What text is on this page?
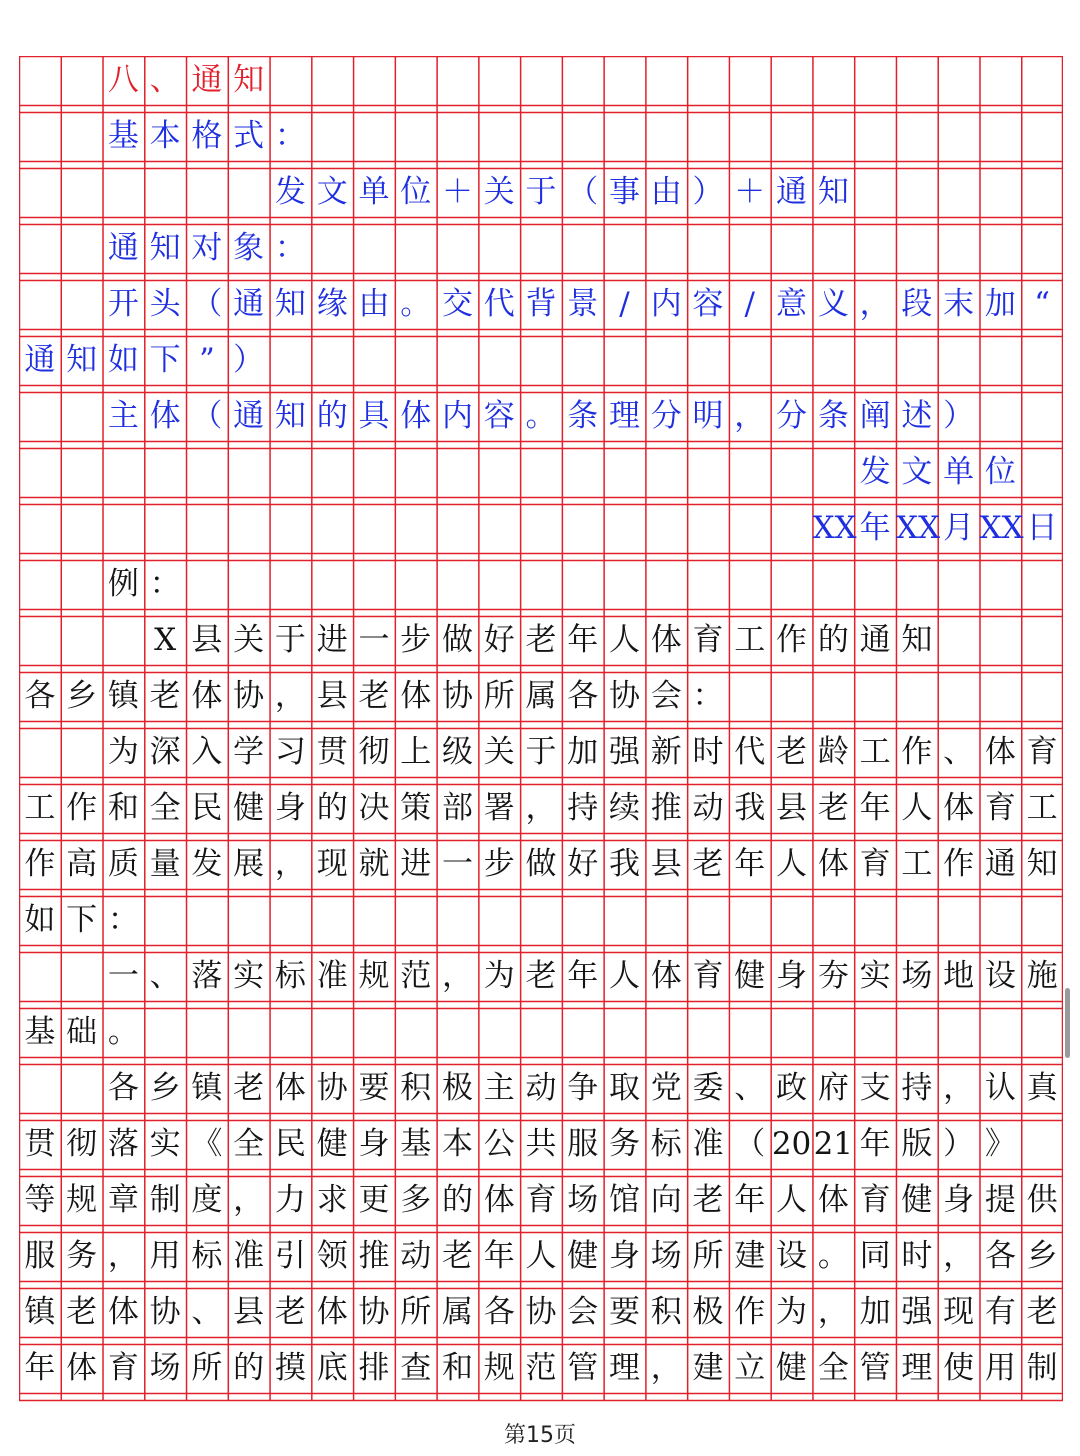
八 、 通 知
基 本 格 式 ：
发 文 单 位 ＋ 关 于 （ 事 由 ） ＋ 通 知
通 知 对 象 ：
开 头 （ 通 知 缘 由 。 交 代 背 景 / 内 容 / 意 义 ， 段 末 加 “
通 知 如 下 ” ）
主 体 （ 通 知 的 具 体 内 容 。 条 理 分 明 ， 分 条 阐 述 ）
发 文 单 位
XX 年 XX 月 XX 日
例 ：
X 县 关 于 进 一 步 做 好 老 年 人 体 育 工 作 的 通 知
各 乡 镇 老 体 协 ， 县 老 体 协 所 属 各 协 会 ：
为 深 入 学 习 贯 彻 上 级 关 于 加 强 新 时 代 老 龄 工 作 、 体 育
工 作 和 全 民 健 身 的 决 策 部 署 ， 持 续 推 动 我 县 老 年 人 体 育 工
作 高 质 量 发 展 ， 现 就 进 一 步 做 好 我 县 老 年 人 体 育 工 作 通 知
如 下 ：
一 、 落 实 标 准 规 范 ， 为 老 年 人 体 育 健 身 夯 实 场 地 设 施
基 础 。
各 乡 镇 老 体 协 要 积 极 主 动 争 取 党 委 、 政 府 支 持 ， 认 真
贯 彻 落 实 《 全 民 健 身 基 本 公 共 服 务 标 准 （ 20 21 年 版 ） 》
等 规 章 制 度 ， 力 求 更 多 的 体 育 场 馆 向 老 年 人 体 育 健 身 提 供
服 务 ， 用 标 准 引 领 推 动 老 年 人 健 身 场 所 建 设 。 同 时 ， 各 乡
镇 老 体 协 、 县 老 体 协 所 属 各 协 会 要 积 极 作 为 ， 加 强 现 有 老
年 体 育 场 所 的 摸 底 排 查 和 规 范 管 理 ， 建 立 健 全 管 理 使 用 制
第15页
